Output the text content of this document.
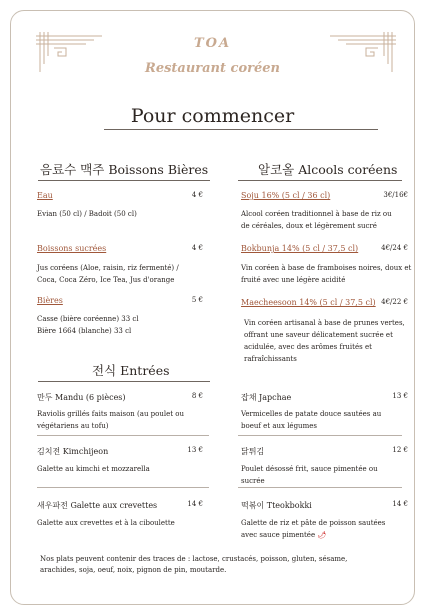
TOA
Restaurant coréen
Pour commencer
음료수 맥주 Boissons Bières
Eau	4 €
Evian (50 cl) / Badoit (50 cl)
Boissons sucrées	4 €
Jus coréens (Aloe, raisin, riz fermenté) /
Coca, Coca Zéro, Ice Tea, Jus d'orange
Bières	5 €
Casse (bière coréenne) 33 cl
Bière 1664 (blanche) 33 cl
알코올 Alcools coréens
Soju 16% (5 cl / 36 cl)	3€/16€
Alcool coréen traditionnel à base de riz ou
de céréales, doux et légèrement sucré
Bokbunja 14% (5 cl / 37,5 cl)	4€/24 €
Vin coréen à base de framboises noires, doux et
fruité avec une légère acidité
Maecheesoon 14% (5 cl / 37,5 cl) 4€/22 €
Vin coréen artisanal à base de prunes vertes,
offrant une saveur délicatement sucrée et
acidulée, avec des arômes fruités et
rafraîchissants
전식 Entrées
만두 Mandu (6 pièces)	8 €
Raviolis grillés faits maison (au poulet ou
végétariens au tofu)
김치전 Kimchijeon	13 €
Galette au kimchi et mozzarella
새우파전 Galette aux crevettes	14 €
Galette aux crevettes et à la ciboulette
잡채 Japchae	13 €
Vermicelles de patate douce sautées au
boeuf et aux légumes
닭튀김	12 €
Poulet désossé frit, sauce pimentée ou
sucrée
떡볶이 Tteokbokki	14 €
Galette de riz et pâte de poisson sautées
avec sauce pimentée 🌶
Nos plats peuvent contenir des traces de : lactose, crustacés, poisson, gluten, sésame, arachides, soja, oeuf, noix, pignon de pin, moutarde.
